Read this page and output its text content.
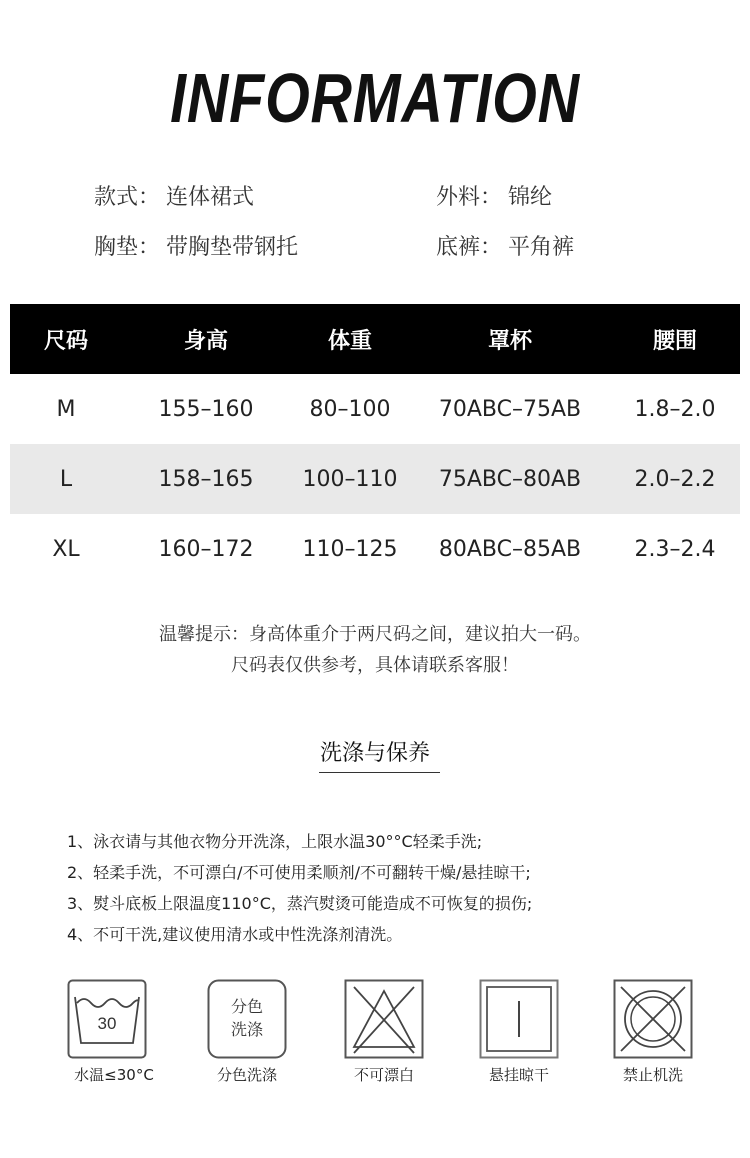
INFORMATION
款式： 连体裙式	外料： 锦纶
胸垫： 带胸垫带钢托	底裤： 平角裤
尺码	身高	体重	罩杯	腰围
M	155–160	80–100	70ABC–75AB	1.8–2.0
L	158–165	100–110	75ABC–80AB	2.0–2.2
XL	160–172	110–125	80ABC–85AB	2.3–2.4
温馨提示：身高体重介于两尺码之间，建议拍大一码。
尺码表仅供参考，具体请联系客服！
洗涤与保养
1、泳衣请与其他衣物分开洗涤，上限水温30°°C轻柔手洗;
2、轻柔手洗，不可漂白/不可使用柔顺剂/不可翻转干燥/悬挂晾干;
3、熨斗底板上限温度110°C，蒸汽熨烫可能造成不可恢复的损伤;
4、不可干洗,建议使用清水或中性洗涤剂清洗。
30
水温≤30°C
分色
洗涤
分色洗涤	不可漂白	悬挂晾干	禁止机洗
